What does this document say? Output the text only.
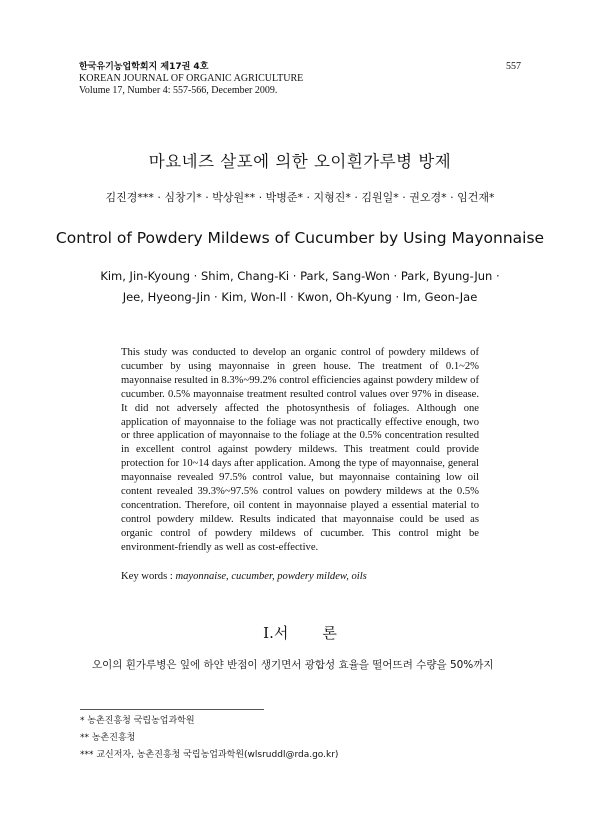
한국유기농업학회지 제17권 4호
KOREAN JOURNAL OF ORGANIC AGRICULTURE
Volume 17, Number 4: 557-566, December 2009.
557
마요네즈 살포에 의한 오이흰가루병 방제
김진경*** · 심창기* · 박상원** · 박병준* · 지형진* · 김원일* · 권오경* · 임건재*
Control of Powdery Mildews of Cucumber by Using Mayonnaise
Kim, Jin-Kyoung · Shim, Chang-Ki · Park, Sang-Won · Park, Byung-Jun ·
Jee, Hyeong-Jin · Kim, Won-Il · Kwon, Oh-Kyung · Im, Geon-Jae
This study was conducted to develop an organic control of powdery mildews of cucumber by using mayonnaise in green house. The treatment of 0.1~2% mayonnaise resulted in 8.3%~99.2% control efficiencies against powdery mildew of cucumber. 0.5% mayonnaise treatment resulted control values over 97% in disease. It did not adversely affected the photosynthesis of foliages. Although one application of mayonnaise to the foliage was not practically effective enough, two or three application of mayonnaise to the foliage at the 0.5% concentration resulted in excellent control against powdery mildews. This treatment could provide protection for 10~14 days after application. Among the type of mayonnaise, general mayonnaise revealed 97.5% control value, but mayonnaise containing low oil content revealed 39.3%~97.5% control values on powdery mildews at the 0.5% concentration. Therefore, oil content in mayonnaise played a essential material to control powdery mildew. Results indicated that mayonnaise could be used as organic control of powdery mildews of cucumber. This control might be environment-friendly as well as cost-effective.
Key words : mayonnaise, cucumber, powdery mildew, oils
Ⅰ.서 론
오이의 흰가루병은 잎에 하얀 반점이 생기면서 광합성 효율을 떨어뜨려 수량을 50%까지
* 농촌진흥청 국립농업과학원
** 농촌진흥청
*** 교신저자, 농촌진흥청 국립농업과학원(wlsruddl@rda.go.kr)
